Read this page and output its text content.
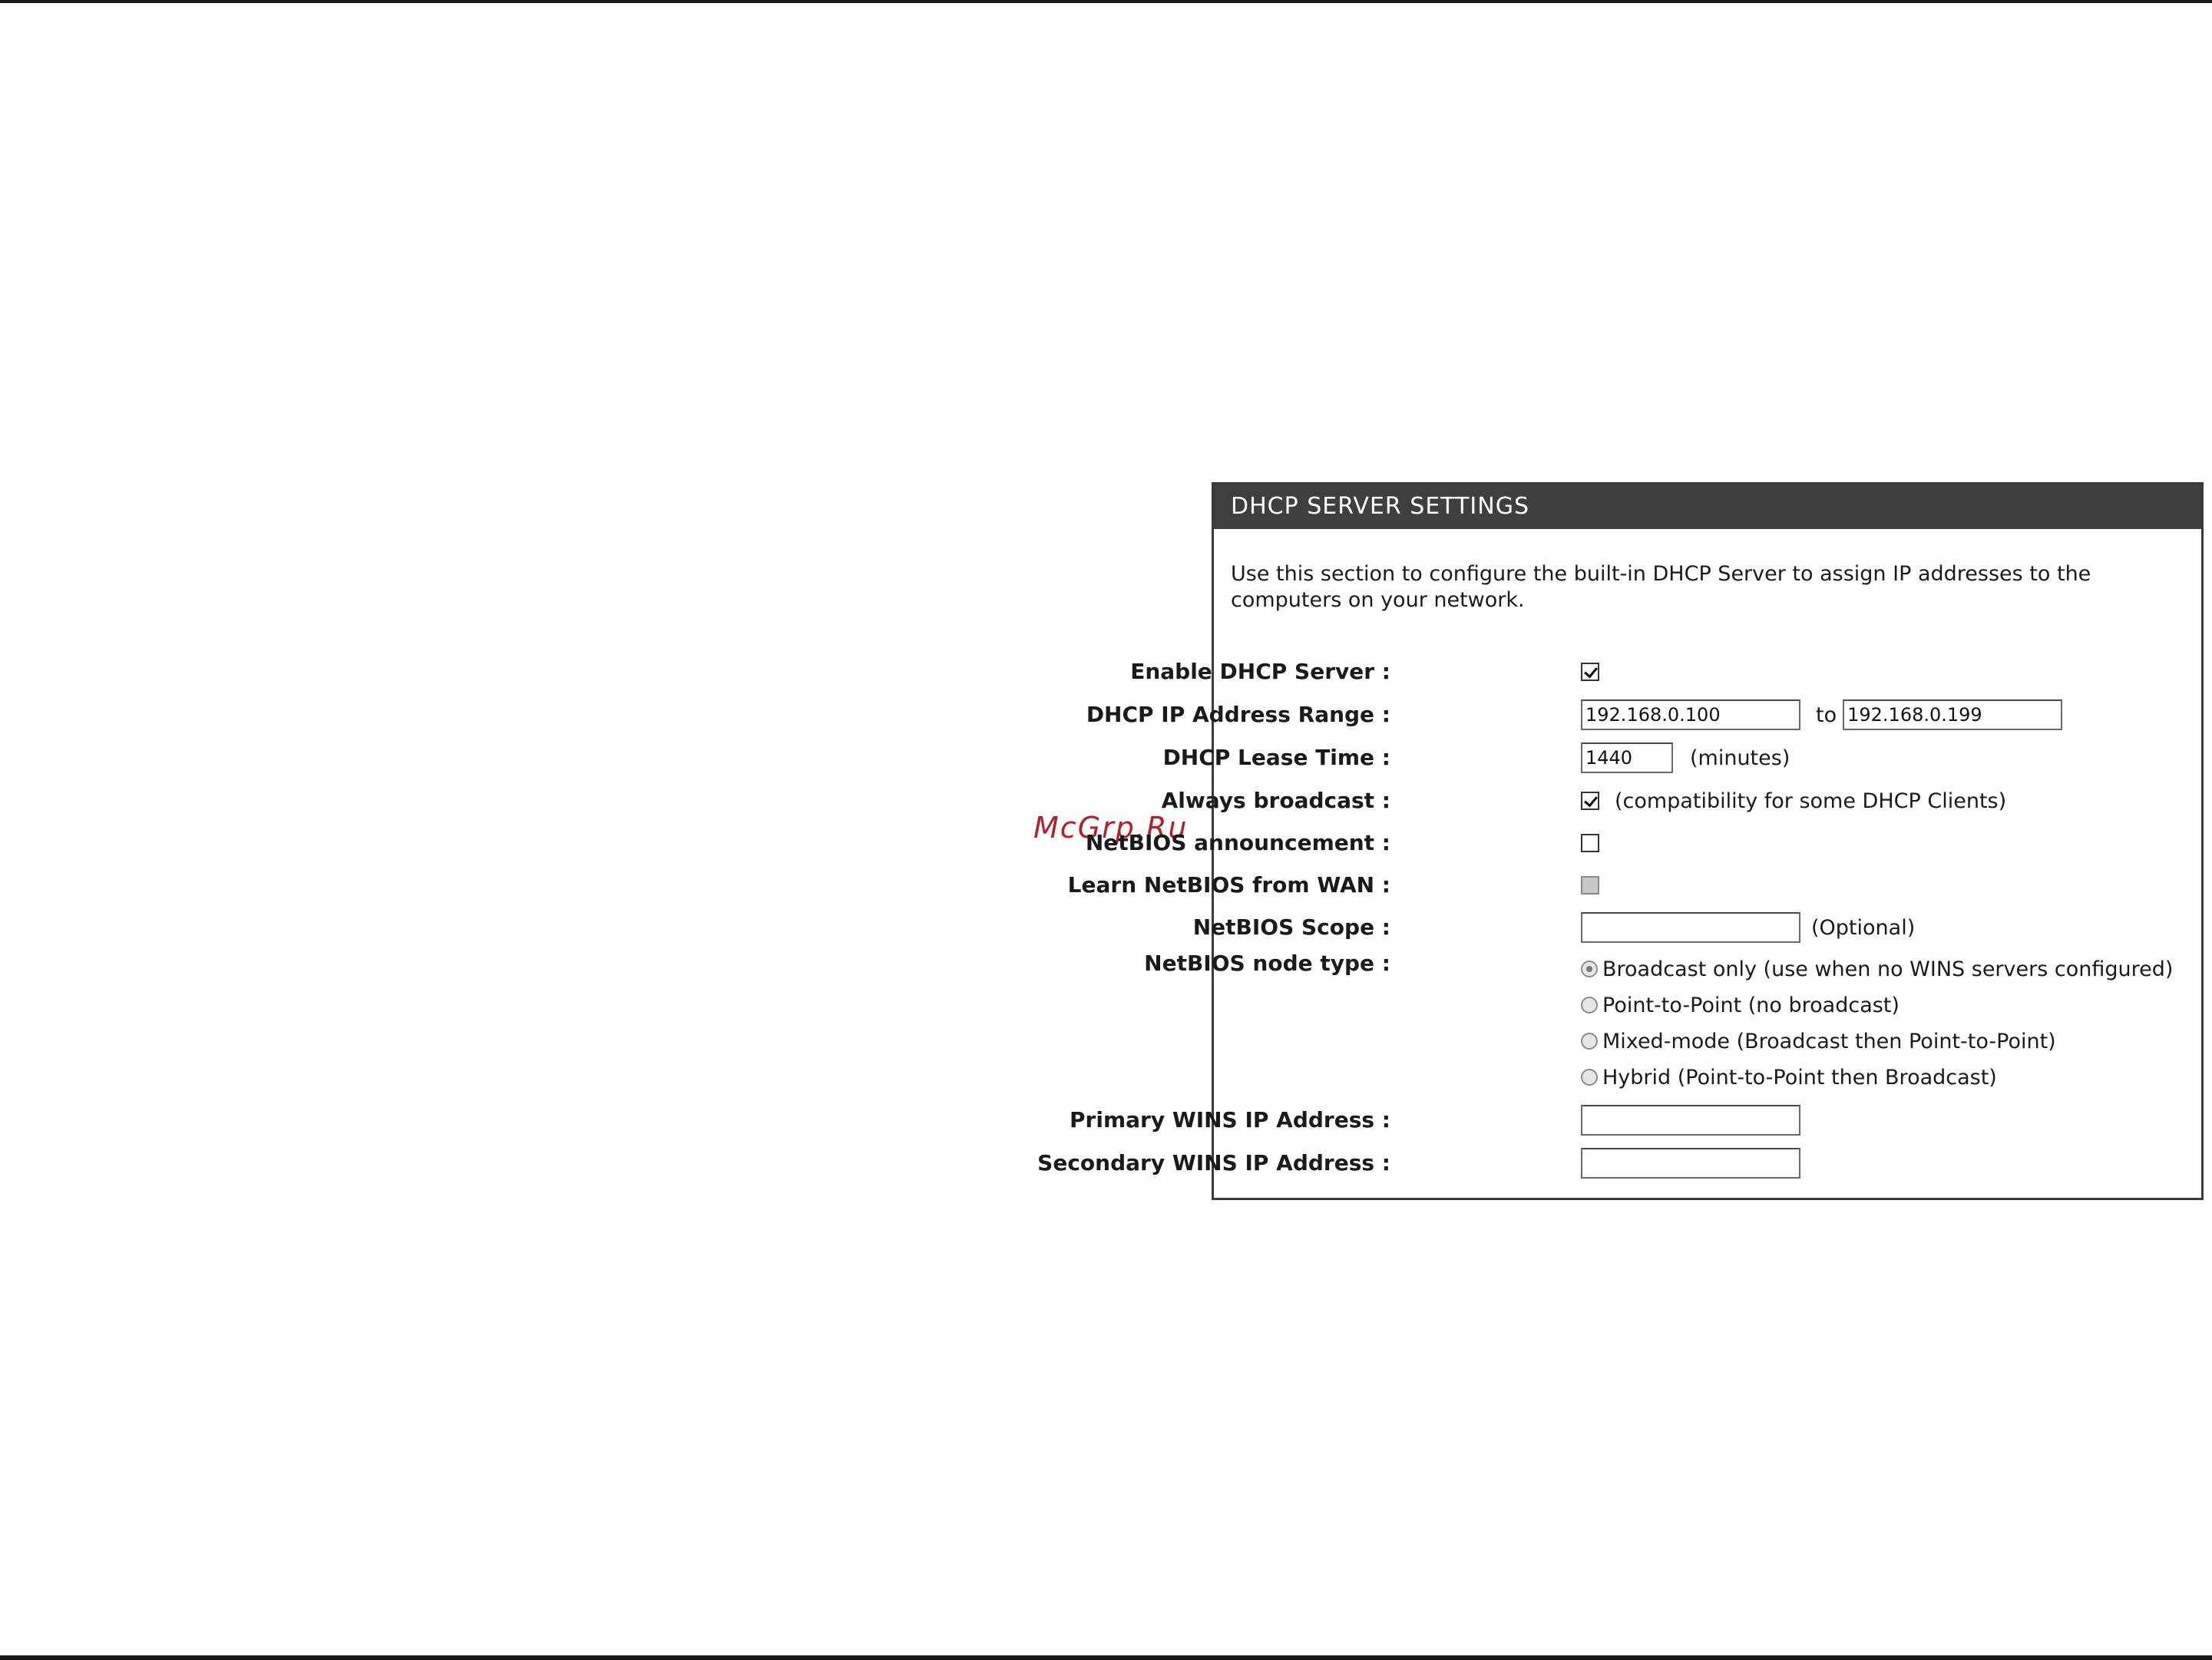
McGrp.Ru
DHCP SERVER SETTINGS
Use this section to configure the built-in DHCP Server to assign IP addresses to the computers on your network.
Enable DHCP Server :
DHCP IP Address Range :	192.168.0.100	to 192.168.0.199
DHCP Lease Time :	1440	(minutes)
Always broadcast :	(compatibility for some DHCP Clients)
NetBIOS announcement :
Learn NetBIOS from WAN :
NetBIOS Scope :	(Optional)
NetBIOS node type :	Broadcast only (use when no WINS servers configured)
Point-to-Point (no broadcast)
Mixed-mode (Broadcast then Point-to-Point)
Hybrid (Point-to-Point then Broadcast)
Primary WINS IP Address :
Secondary WINS IP Address :
